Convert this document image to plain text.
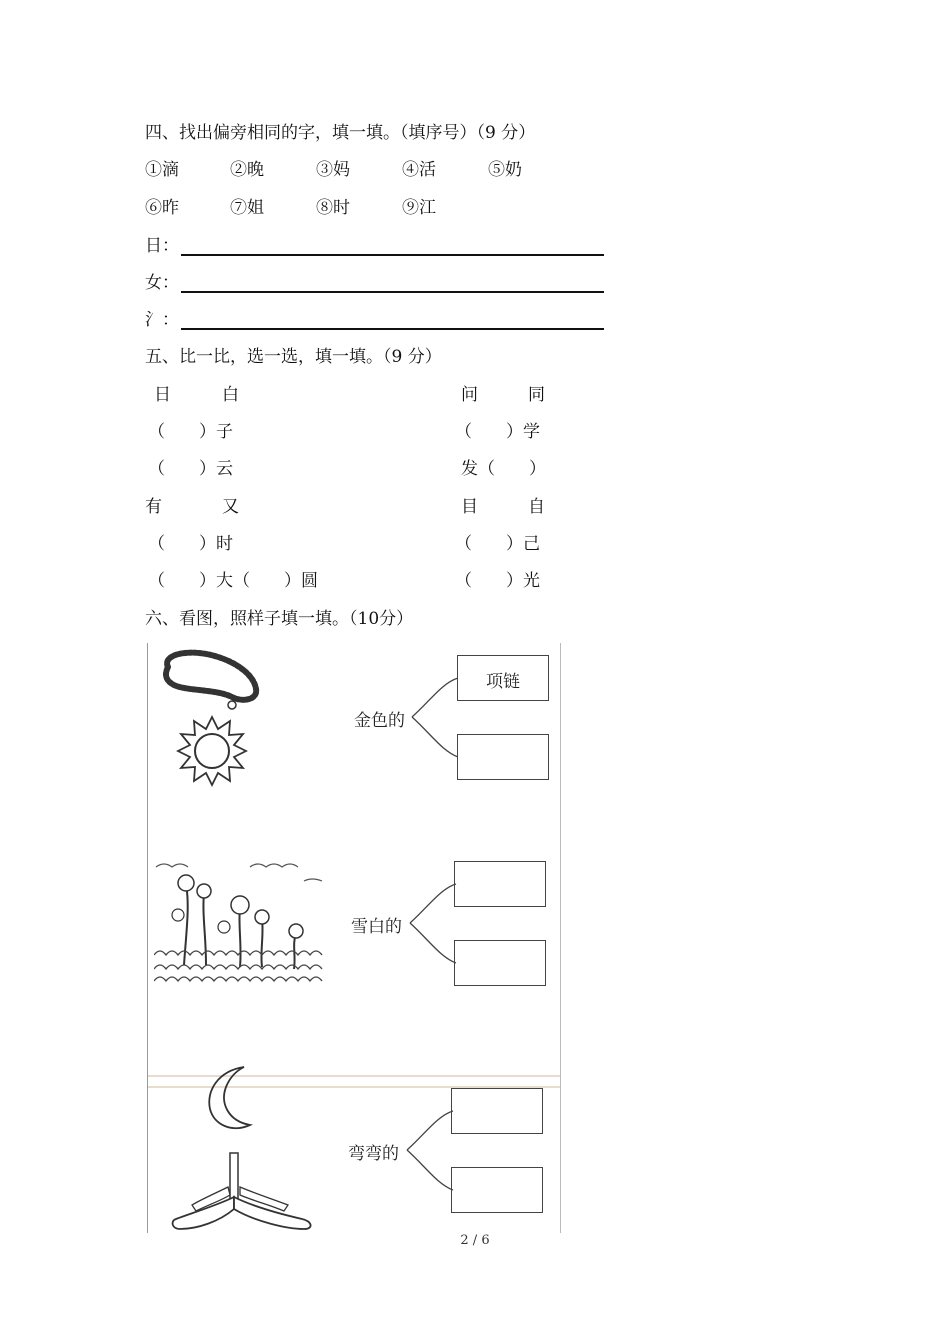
四、找出偏旁相同的字，填一填。（填序号）（9 分）
①滴	②晚	③妈	④活	⑤奶
⑥昨	⑦姐	⑧时	⑨江
日：
女：
氵：
五、比一比，选一选，填一填。（9 分）
日	白
（　　）子
（　　）云
有	又
（　　）时
（　　）大（　　）圆
问	同
（　　）学
发（　　）
目	自
（　　）己
（　　）光
六、看图，照样子填一填。（10分）
项链
金色的
雪白的
弯弯的
2 / 6
